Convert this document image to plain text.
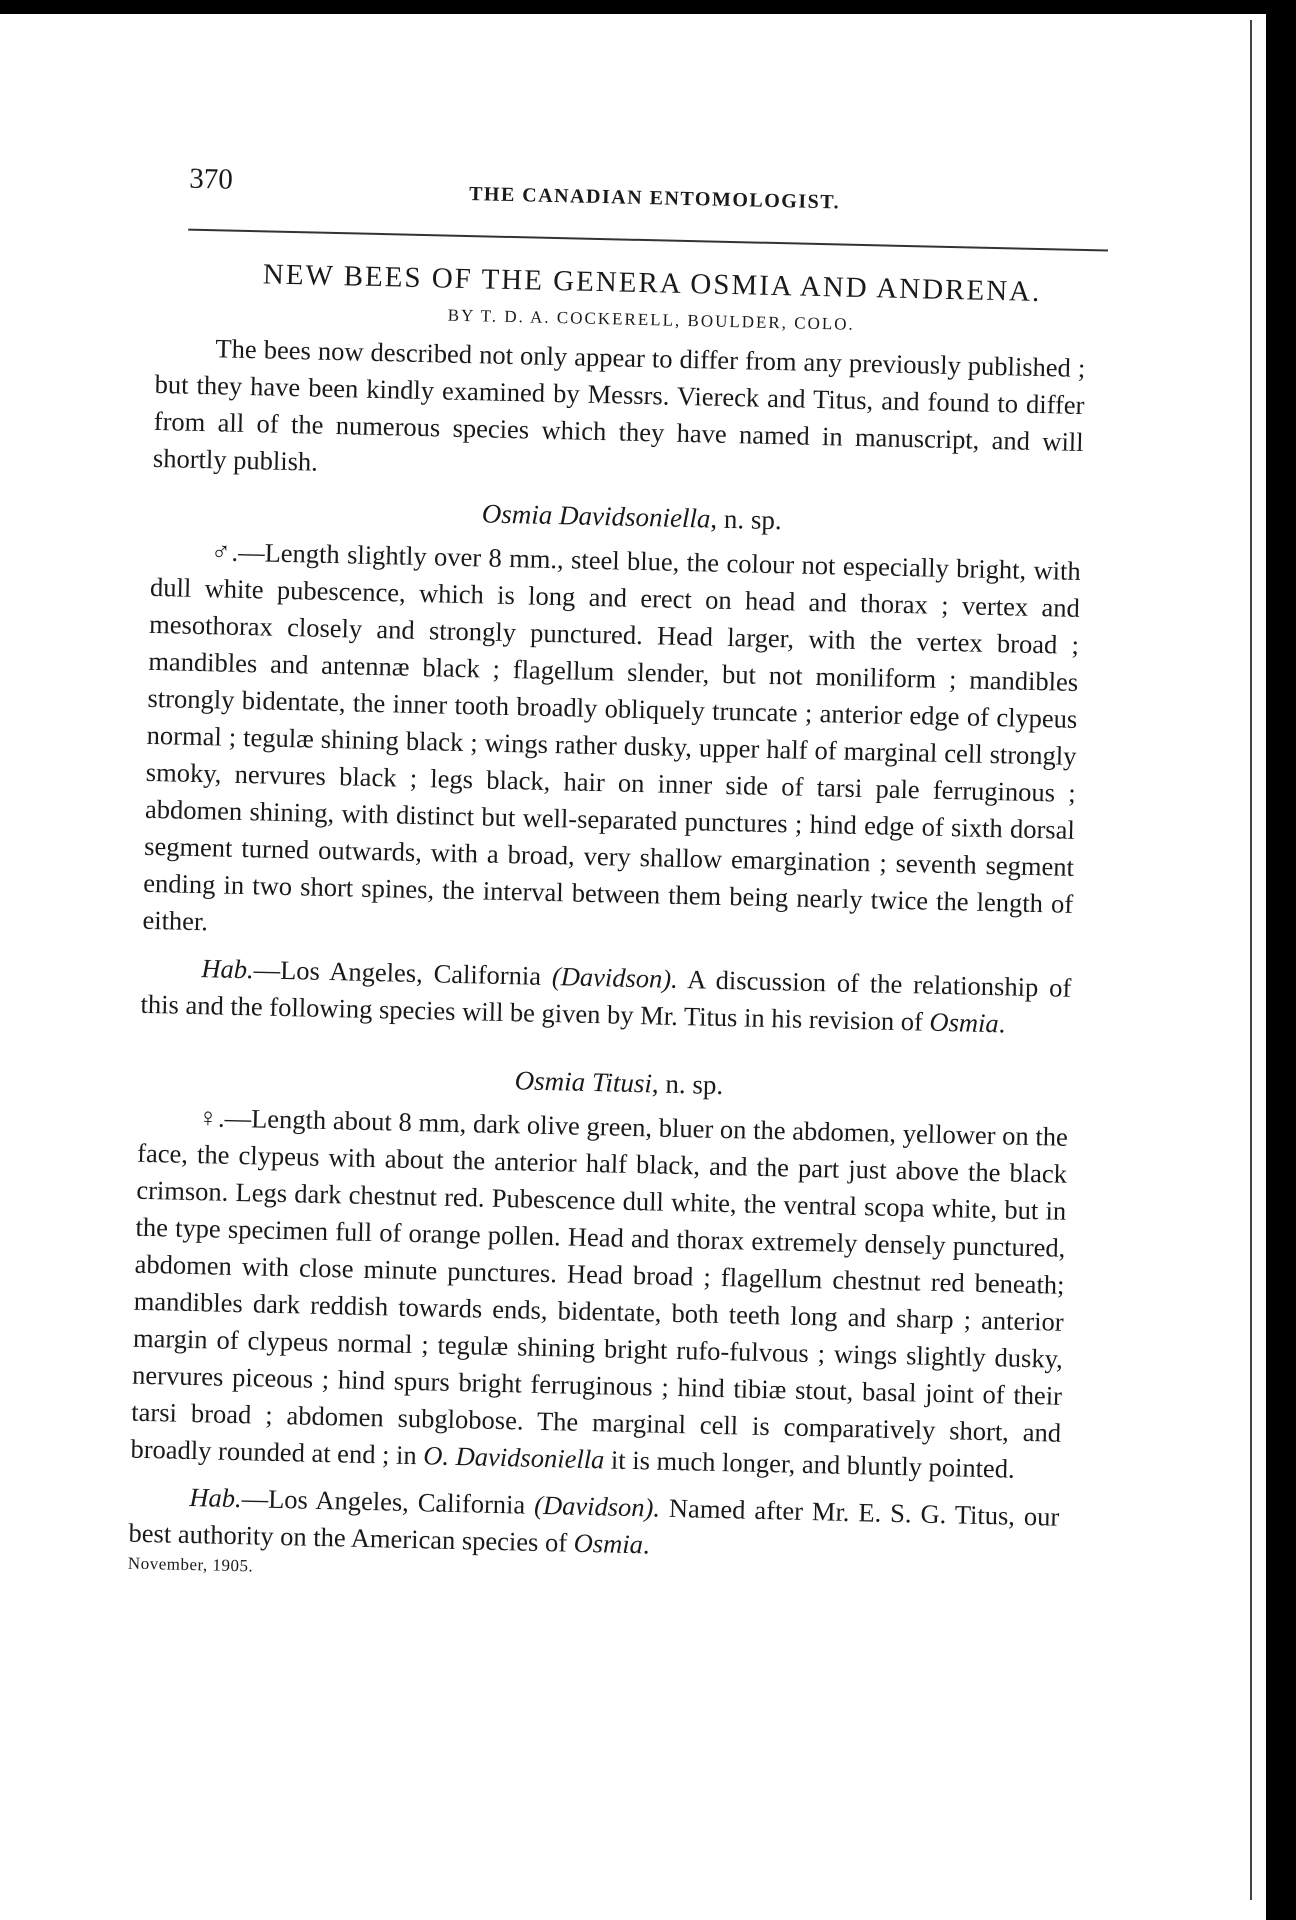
370
THE CANADIAN ENTOMOLOGIST.
NEW BEES OF THE GENERA OSMIA AND ANDRENA.
BY T. D. A. COCKERELL, BOULDER, COLO.

The bees now described not only appear to differ from any previously published ; but they have been kindly examined by Messrs. Viereck and Titus, and found to differ from all of the numerous species which they have named in manuscript, and will shortly publish.

Osmia Davidsoniella, n. sp.

♂.—Length slightly over 8 mm., steel blue, the colour not especially bright, with dull white pubescence, which is long and erect on head and thorax ; vertex and mesothorax closely and strongly punctured. Head larger, with the vertex broad ; mandibles and antennæ black ; flagellum slender, but not moniliform ; mandibles strongly bidentate, the inner tooth broadly obliquely truncate ; anterior edge of clypeus normal ; tegulæ shining black ; wings rather dusky, upper half of marginal cell strongly smoky, nervures black ; legs black, hair on inner side of tarsi pale ferruginous ; abdomen shining, with distinct but well-separated punctures ; hind edge of sixth dorsal segment turned outwards, with a broad, very shallow emargination ; seventh segment ending in two short spines, the interval between them being nearly twice the length of either.

Hab.—Los Angeles, California (Davidson). A discussion of the relationship of this and the following species will be given by Mr. Titus in his revision of Osmia.

Osmia Titusi, n. sp.

♀.—Length about 8 mm, dark olive green, bluer on the abdomen, yellower on the face, the clypeus with about the anterior half black, and the part just above the black crimson. Legs dark chestnut red. Pubescence dull white, the ventral scopa white, but in the type specimen full of orange pollen. Head and thorax extremely densely punctured, abdomen with close minute punctures. Head broad ; flagellum chestnut red beneath; mandibles dark reddish towards ends, bidentate, both teeth long and sharp ; anterior margin of clypeus normal ; tegulæ shining bright rufo-fulvous ; wings slightly dusky, nervures piceous ; hind spurs bright ferruginous ; hind tibiæ stout, basal joint of their tarsi broad ; abdomen subglobose. The marginal cell is comparatively short, and broadly rounded at end ; in O. Davidsoniella it is much longer, and bluntly pointed.

Hab.—Los Angeles, California (Davidson). Named after Mr. E. S. G. Titus, our best authority on the American species of Osmia.

November, 1905.
